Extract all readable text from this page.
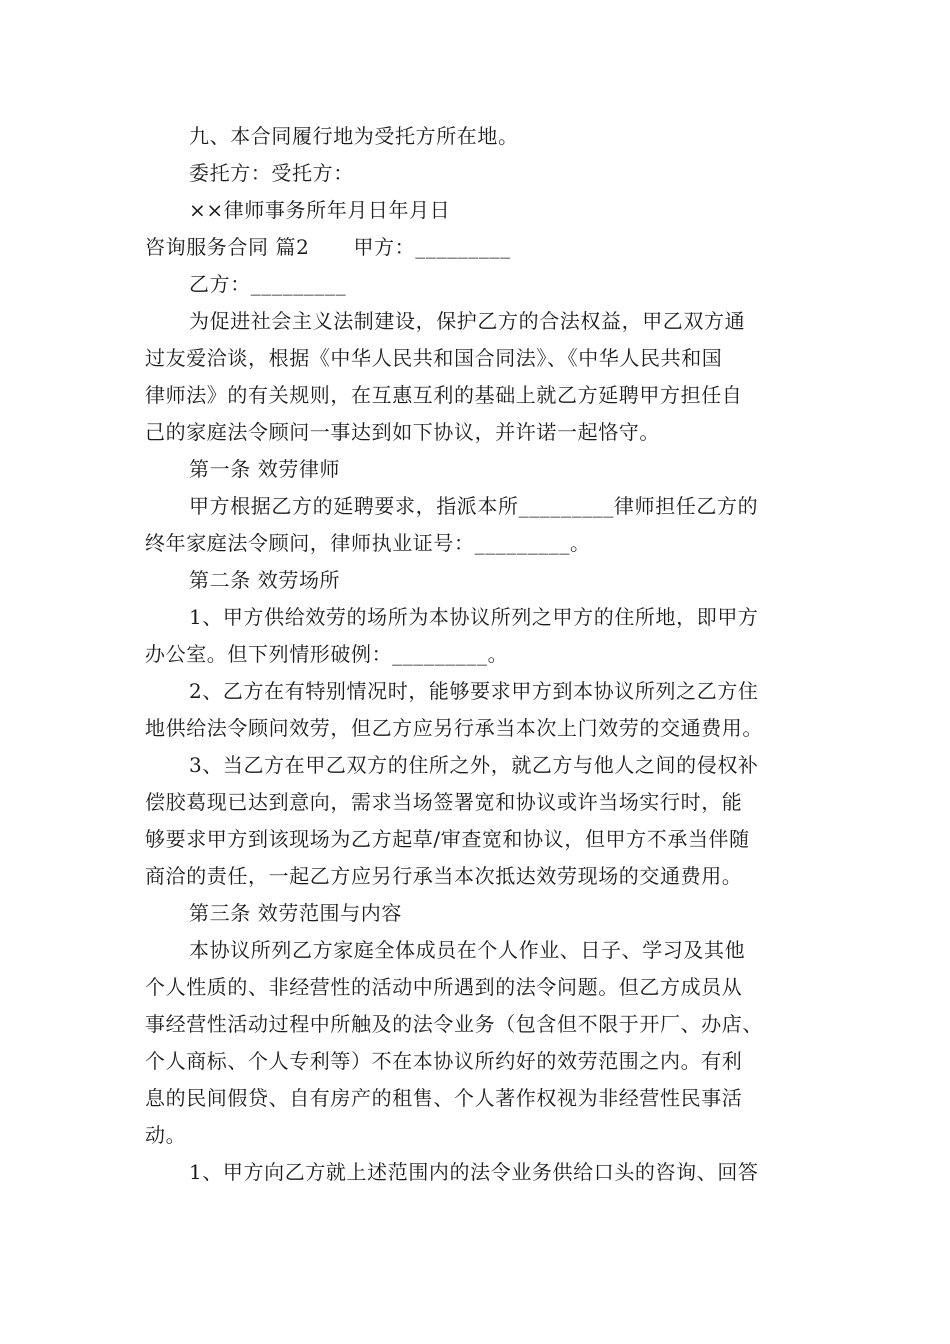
九、本合同履行地为受托方所在地。
委托方：受托方：
××律师事务所年月日年月日
咨询服务合同 篇2 甲方：_________
乙方：_________
为促进社会主义法制建设，保护乙方的合法权益，甲乙双方通
过友爱洽谈，根据《中华人民共和国合同法》、《中华人民共和国
律师法》的有关规则，在互惠互利的基础上就乙方延聘甲方担任自
己的家庭法令顾问一事达到如下协议，并许诺一起恪守。
第一条 效劳律师
甲方根据乙方的延聘要求，指派本所_________律师担任乙方的
终年家庭法令顾问，律师执业证号：_________。
第二条 效劳场所
1、甲方供给效劳的场所为本协议所列之甲方的住所地，即甲方
办公室。但下列情形破例：_________。
2、乙方在有特别情况时，能够要求甲方到本协议所列之乙方住
地供给法令顾问效劳，但乙方应另行承当本次上门效劳的交通费用。
3、当乙方在甲乙双方的住所之外，就乙方与他人之间的侵权补
偿胶葛现已达到意向，需求当场签署宽和协议或许当场实行时，能
够要求甲方到该现场为乙方起草/审查宽和协议，但甲方不承当伴随
商洽的责任，一起乙方应另行承当本次抵达效劳现场的交通费用。
第三条 效劳范围与内容
本协议所列乙方家庭全体成员在个人作业、日子、学习及其他
个人性质的、非经营性的活动中所遇到的法令问题。但乙方成员从
事经营性活动过程中所触及的法令业务（包含但不限于开厂、办店、
个人商标、个人专利等）不在本协议所约好的效劳范围之内。有利
息的民间假贷、自有房产的租售、个人著作权视为非经营性民事活
动。
1、甲方向乙方就上述范围内的法令业务供给口头的咨询、回答
